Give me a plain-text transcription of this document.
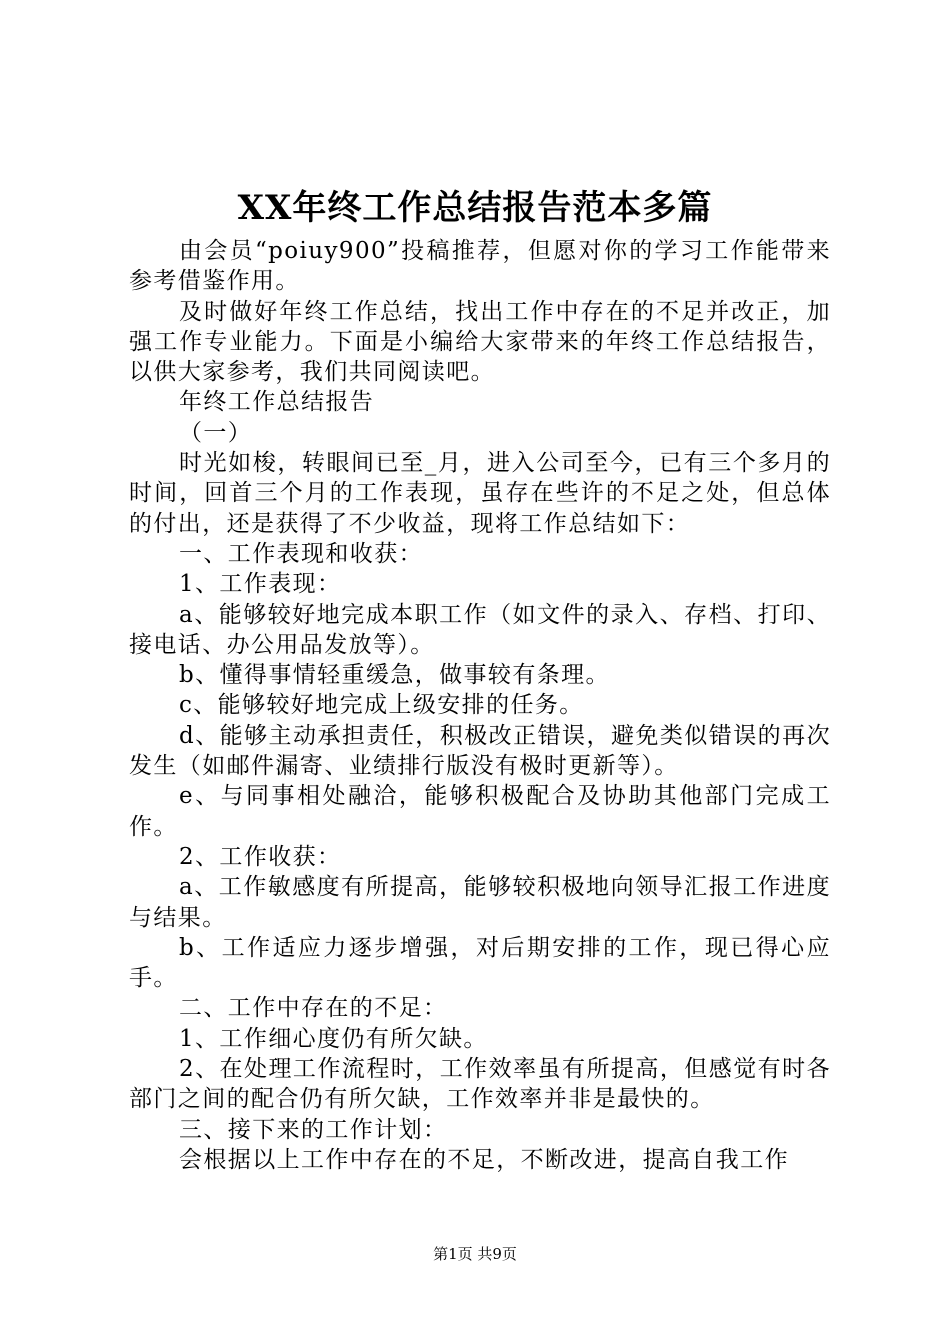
XX年终工作总结报告范本多篇

由会员“poiuy900”投稿推荐，但愿对你的学习工作能带来参考借鉴作用。

及时做好年终工作总结，找出工作中存在的不足并改正，加强工作专业能力。下面是小编给大家带来的年终工作总结报告，以供大家参考，我们共同阅读吧。

年终工作总结报告

（一）

时光如梭，转眼间已至_月，进入公司至今，已有三个多月的时间，回首三个月的工作表现，虽存在些许的不足之处，但总体的付出，还是获得了不少收益，现将工作总结如下：

一、工作表现和收获：

1、工作表现：

a、能够较好地完成本职工作（如文件的录入、存档、打印、接电话、办公用品发放等）。

b、懂得事情轻重缓急，做事较有条理。

c、能够较好地完成上级安排的任务。

d、能够主动承担责任，积极改正错误，避免类似错误的再次发生（如邮件漏寄、业绩排行版没有极时更新等）。

e、与同事相处融洽，能够积极配合及协助其他部门完成工作。

2、工作收获：

a、工作敏感度有所提高，能够较积极地向领导汇报工作进度与结果。

b、工作适应力逐步增强，对后期安排的工作，现已得心应手。

二、工作中存在的不足：

1、工作细心度仍有所欠缺。

2、在处理工作流程时，工作效率虽有所提高，但感觉有时各部门之间的配合仍有所欠缺，工作效率并非是最快的。

三、接下来的工作计划：

会根据以上工作中存在的不足，不断改进，提高自我工作

第1页 共9页
